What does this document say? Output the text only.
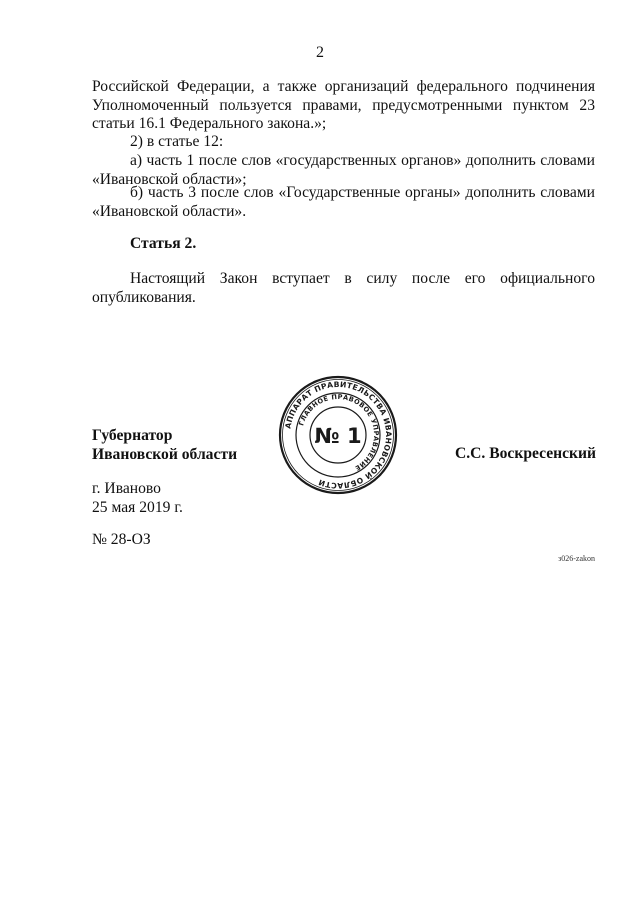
2
Российской Федерации, а также организаций федерального подчинения
Уполномоченный пользуется правами, предусмотренными пунктом 23
статьи 16.1 Федерального закона.»;
2) в статье 12:
а) часть 1 после слов «государственных органов» дополнить словами «Ивановской области»;
б) часть 3 после слов «Государственные органы» дополнить словами «Ивановской области».
Статья 2.
Настоящий Закон вступает в силу после его официального опубликования.
Губернатор
Ивановской области
АППАРАТ ПРАВИТЕЛЬСТВА ИВАНОВСКОЙ ОБЛАСТИ
ГЛАВНОЕ ПРАВОВОЕ УПРАВЛЕНИЕ
№ 1
С.С. Воскресенский
г. Иваново
25 мая 2019 г.
№ 28-ОЗ
з026-zakon
